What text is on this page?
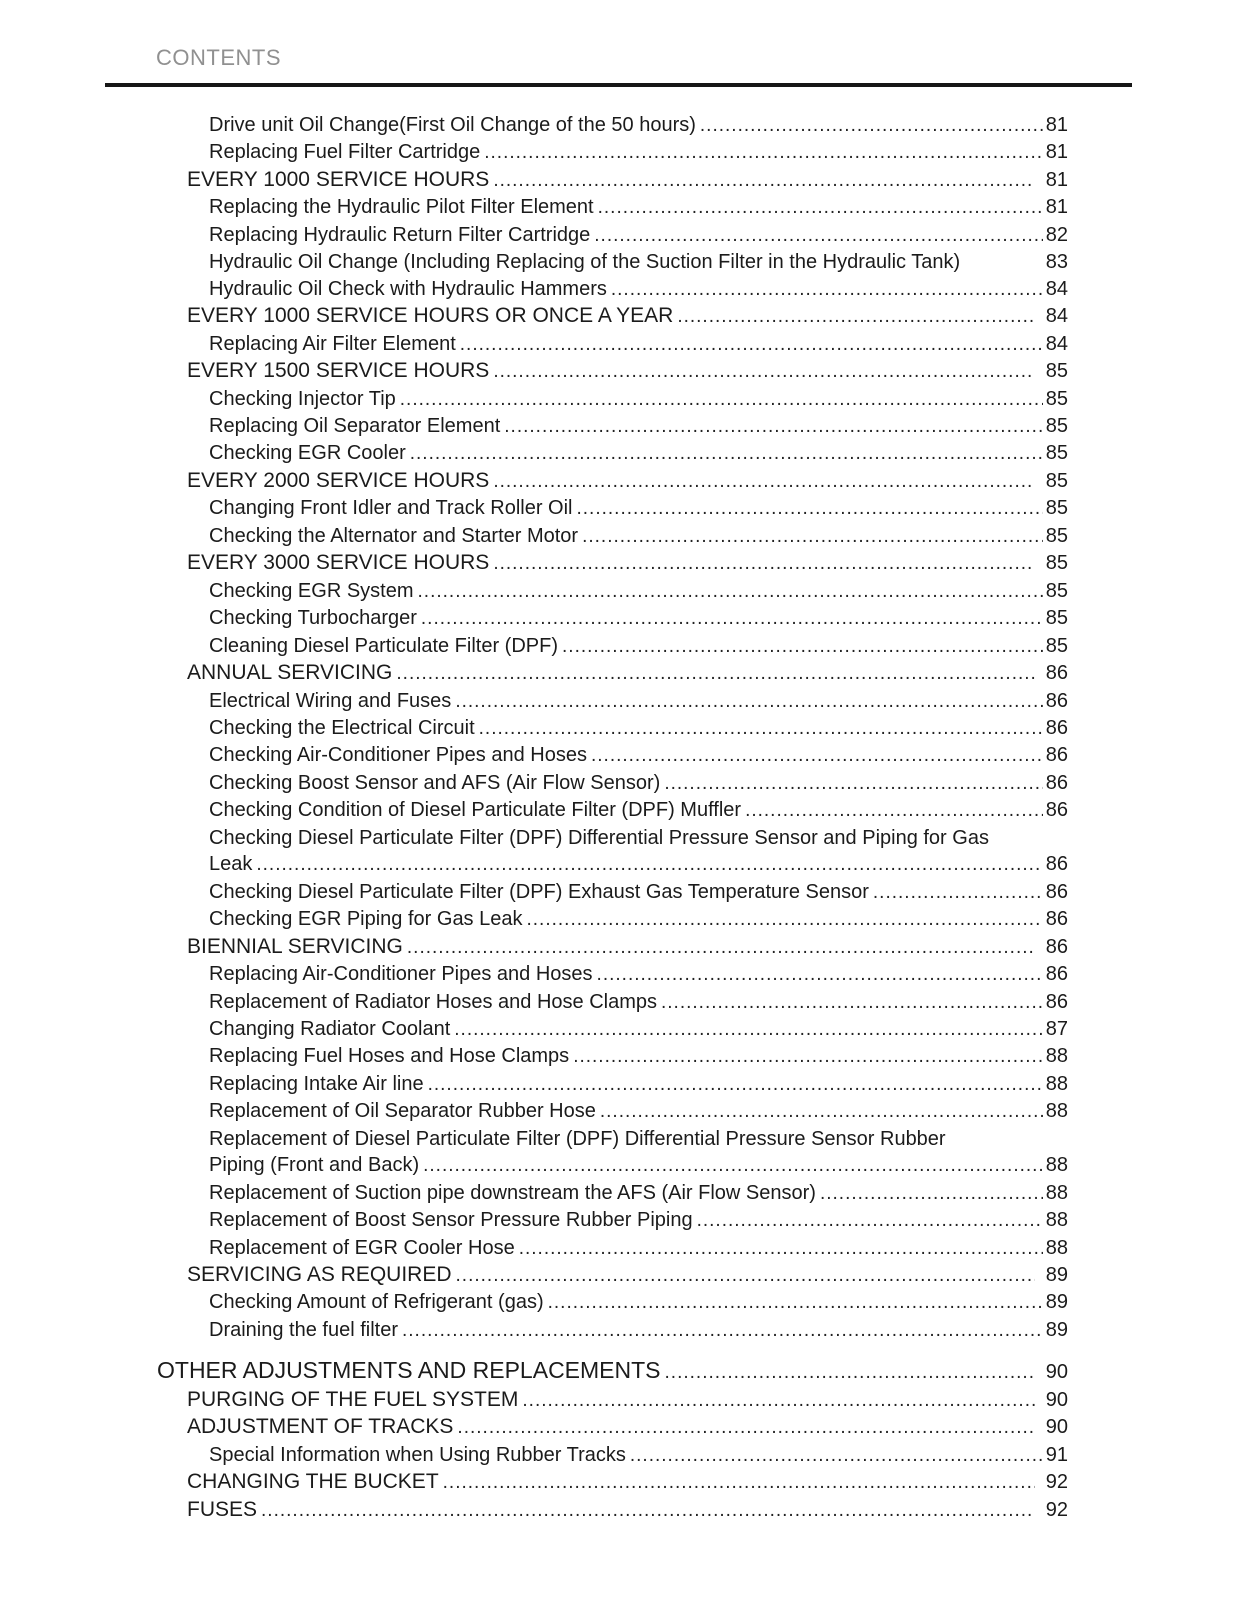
CONTENTS
Drive unit Oil Change(First Oil Change of the 50 hours) .....	81
Replacing Fuel Filter Cartridge .....	81
EVERY 1000 SERVICE HOURS .....	81
Replacing the Hydraulic Pilot Filter Element .....	81
Replacing Hydraulic Return Filter Cartridge .....	82
Hydraulic Oil Change (Including Replacing of the Suction Filter in the Hydraulic Tank)	83
Hydraulic Oil Check with Hydraulic Hammers .....	84
EVERY 1000 SERVICE HOURS OR ONCE A YEAR .....	84
Replacing Air Filter Element .....	84
EVERY 1500 SERVICE HOURS .....	85
Checking Injector Tip .....	85
Replacing Oil Separator Element .....	85
Checking EGR Cooler .....	85
EVERY 2000 SERVICE HOURS .....	85
Changing Front Idler and Track Roller Oil .....	85
Checking the Alternator and Starter Motor .....	85
EVERY 3000 SERVICE HOURS .....	85
Checking EGR System .....	85
Checking Turbocharger .....	85
Cleaning Diesel Particulate Filter (DPF) .....	85
ANNUAL SERVICING .....	86
Electrical Wiring and Fuses .....	86
Checking the Electrical Circuit .....	86
Checking Air-Conditioner Pipes and Hoses .....	86
Checking Boost Sensor and AFS (Air Flow Sensor) .....	86
Checking Condition of Diesel Particulate Filter (DPF) Muffler .....	86
Checking Diesel Particulate Filter (DPF) Differential Pressure Sensor and Piping for Gas
Leak .....	86
Checking Diesel Particulate Filter (DPF) Exhaust Gas Temperature Sensor .....	86
Checking EGR Piping for Gas Leak .....	86
BIENNIAL SERVICING .....	86
Replacing Air-Conditioner Pipes and Hoses .....	86
Replacement of Radiator Hoses and Hose Clamps .....	86
Changing Radiator Coolant .....	87
Replacing Fuel Hoses and Hose Clamps .....	88
Replacing Intake Air line .....	88
Replacement of Oil Separator Rubber Hose .....	88
Replacement of Diesel Particulate Filter (DPF) Differential Pressure Sensor Rubber
Piping (Front and Back) .....	88
Replacement of Suction pipe downstream the AFS (Air Flow Sensor) .....	88
Replacement of Boost Sensor Pressure Rubber Piping .....	88
Replacement of EGR Cooler Hose .....	88
SERVICING AS REQUIRED .....	89
Checking Amount of Refrigerant (gas) .....	89
Draining the fuel filter .....	89
OTHER ADJUSTMENTS AND REPLACEMENTS .....	90
PURGING OF THE FUEL SYSTEM .....	90
ADJUSTMENT OF TRACKS .....	90
Special Information when Using Rubber Tracks .....	91
CHANGING THE BUCKET .....	92
FUSES .....	92
